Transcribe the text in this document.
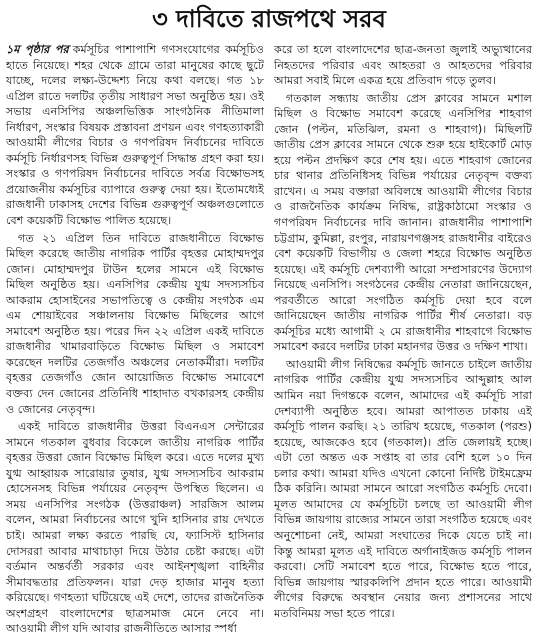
৩ দাবিতে রাজপথে সরব

১ম পৃষ্ঠার পর কর্মসূচির পাশাপাশি গণসংযোগের কর্মসূচিও হাতে নিয়েছে। শহর থেকে গ্রামে তারা মানুষের কাছে ছুটে যাচ্ছে, দলের লক্ষ্য-উদ্দেশ্য নিয়ে কথা বলছে। গত ১৮ এপ্রিল রাতে দলটির তৃতীয় সাধারণ সভা অনুষ্ঠিত হয়। ওই সভায় এনসিপির অঞ্চলভিত্তিক সাংগঠনিক নীতিমালা নির্ধারণ, সংস্কার বিষয়ক প্রস্তাবনা প্রণয়ন এবং গণহত্যাকারী আওয়ামী লীগের বিচার ও গণপরিষদ নির্বাচনের দাবিতে কর্মসূচি নির্ধারণসহ বিভিন্ন গুরুত্বপূর্ণ সিদ্ধান্ত গ্রহণ করা হয়। সংস্কার ও গণপরিষদ নির্বাচনের দাবিতে সর্বত্র বিক্ষোভসহ প্রয়োজনীয় কর্মসূচির ব্যাপারে গুরুত্ব দেয়া হয়। ইতোমধ্যেই রাজধানী ঢাকাসহ দেশের বিভিন্ন গুরুত্বপূর্ণ অঞ্চলগুলোতে বেশ কয়েকটি বিক্ষোভ পালিত হয়েছে।

গত ২১ এপ্রিল তিন দাবিতে রাজধানীতে বিক্ষোভ মিছিল করেছে জাতীয় নাগরিক পার্টির বৃহত্তর মোহাম্মদপুর জোন। মোহাম্মদপুর টাউন হলের সামনে এই বিক্ষোভ মিছিল অনুষ্ঠিত হয়। এনসিপির কেন্দ্রীয় যুগ্ম সদস্যসচিব আকরাম হোসাইনের সভাপতিত্বে ও কেন্দ্রীয় সংগঠক এম এম শোয়াইবের সঞ্চালনায় বিক্ষোভ মিছিলের আগে সমাবেশ অনুষ্ঠিত হয়। পরের দিন ২২ এপ্রিল একই দাবিতে রাজধানীর খামারবাড়িতে বিক্ষোভ মিছিল ও সমাবেশ করেছেন দলটির তেজগাঁও অঞ্চলের নেতাকর্মীরা। দলটির বৃহত্তর তেজগাঁও জোন আয়োজিত বিক্ষোভ সমাবেশে বক্তব্য দেন জোনের প্রতিনিধি শাহাদাত বখকারসহ কেন্দ্রীয় ও জোনের নেতৃবৃন্দ।

একই দাবিতে রাজধানীর উত্তরা বিএনএস সেন্টারের সামনে গতকাল বুধবার বিকেলে জাতীয় নাগরিক পার্টির বৃহত্তর উত্তরা জোন বিক্ষোভ মিছিল করে। এতে দলের মুখ্য যুগ্ম আহ্বায়ক সারোয়ার তুষার, যুগ্ম সদস্যসচিব আকরাম হোসেনসহ বিভিন্ন পর্যায়ের নেতৃবৃন্দ উপস্থিত ছিলেন। এ সময় এনসিপির সংগঠক (উত্তরাঞ্চল) সারজিস আলম বলেন, আমরা নির্বাচনের আগে খুনি হাসিনার রায় দেখতে চাই। আমরা লক্ষ্য করতে পারছি যে, ফ্যাসিস্ট হাসিনার দোসররা আবার মাথাচাড়া দিয়ে উঠার চেষ্টা করছে। এটা বর্তমান অন্তর্বর্তী সরকার এবং আইনশৃঙ্খলা বাহিনীর সীমাবদ্ধতার প্রতিফলন। যারা দেড় হাজার মানুষ হত্যা করিয়েছে। গণহত্যা ঘটিয়েছে এই দেশে, তাদের রাজনৈতিক অংশগ্রহণ বাংলাদেশের ছাত্রসমাজ মেনে নেবে না। আওয়ামী লীগ যদি আবার রাজনীতিতে আসার স্পর্ধা

করে তা হলে বাংলাদেশের ছাত্র-জনতা জুলাই অভ্যুত্থানের নিহতদের পরিবার এবং আহতরা ও আহতদের পরিবার আমরা সবাই মিলে একত্র হয়ে প্রতিবাদ গড়ে তুলব।

গতকাল সন্ধ্যায় জাতীয় প্রেস ক্লাবের সামনে মশাল মিছিল ও বিক্ষোভ সমাবেশ করেছে এনসিপির শাহবাগ জোন (পল্টন, মতিঝিল, রমনা ও শাহবাগ)। মিছিলটি জাতীয় প্রেস ক্লাবের সামনে থেকে শুরু হয়ে হাইকোর্ট মোড় হয়ে পল্টন প্রদক্ষিণ করে শেষ হয়। এতে শাহবাগ জোনের চার থানার প্রতিনিধিসহ বিভিন্ন পর্যায়ের নেতৃবৃন্দ বক্তব্য রাখেন। এ সময় বক্তারা অবিলম্বে আওয়ামী লীগের বিচার ও রাজনৈতিক কার্যক্রম নিষিদ্ধ, রাষ্ট্রকাঠামো সংস্কার ও গণপরিষদ নির্বাচনের দাবি জানান। রাজধানীর পাশাপাশি চট্টগ্রাম, কুমিল্লা, রংপুর, নারায়ণগঞ্জসহ রাজধানীর বাইরেও বেশ কয়েকটি বিভাগীয় ও জেলা শহরে বিক্ষোভ অনুষ্ঠিত হয়েছে। এই কর্মসূচি দেশব্যাপী আরো সম্প্রসারণের উদ্যোগ নিয়েছে এনসিপি। সংগঠনের কেন্দ্রীয় নেতারা জানিয়েছেন, পরবর্তীতে আরো সংগঠিত কর্মসূচি দেয়া হবে বলে জানিয়েছেন জাতীয় নাগরিক পার্টির শীর্ষ নেতারা। বড় কর্মসূচির মধ্যে আগামী ২ মে রাজধানীর শাহবাগে বিক্ষোভ সমাবেশ করবে দলটির ঢাকা মহানগর উত্তর ও দক্ষিণ শাখা।

আওয়ামী লীগ নিষিদ্ধের কর্মসূচি জানতে চাইলে জাতীয় নাগরিক পার্টির কেন্দ্রীয় যুগ্ম সদস্যসচিব আব্দুল্লাহ আল আমিন নয়া দিগন্তকে বলেন, আমাদের এই কর্মসূচি সারা দেশব্যাপী অনুষ্ঠিত হবে। আমরা আপাতত ঢাকায় এই কর্মসূচি পালন করছি। ২১ তারিখ হয়েছে, গতকাল (পরশু) হয়েছে, আজকেও হবে (গতকাল)। প্রতি জেলায়ই হচ্ছে। এটা তো অন্তত এক সপ্তাহ বা তার বেশি হলে ১০ দিন চলার কথা। আমরা যদিও এখনো কোনো নির্দিষ্ট টাইমফ্রেম ঠিক করিনি। আমরা সামনে আরো সংগঠিত কর্মসূচি দেবো। মূলত আমাদের যে কর্মসূচিটা চলছে তা আওয়ামী লীগ বিভিন্ন জায়গায় রাজ্যের সামনে তারা সংগঠিত হয়েছে এবং অনুশোচনা নেই, আমরা সংঘাতের দিকে যেতে চাই না। কিন্তু আমরা মূলত এই দাবিতে অর্গানাইজড কর্মসূচি পালন করবো। সেটি সমাবেশ হতে পারে, বিক্ষোভ হতে পারে, বিভিন্ন জায়গায় স্মারকলিপি প্রদান হতে পারে। আওয়ামী লীগের বিরুদ্ধে অবস্থান নেয়ার জন্য প্রশাসনের সাথে মতবিনিময় সভা হতে পারে।
